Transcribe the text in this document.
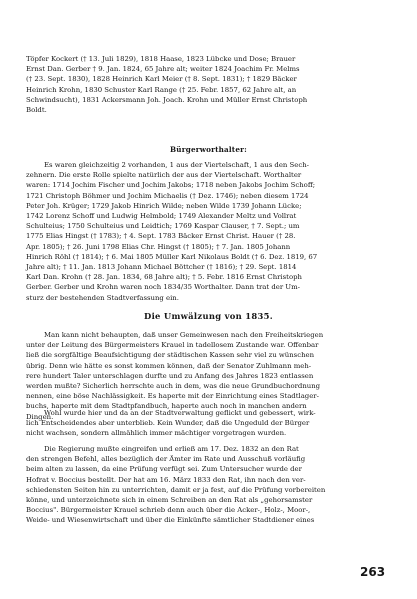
Töpfer Kockert († 13. Juli 1829), 1818 Haase, 1823 Lübcke und Dose; Brauer
Ernst Dan. Gerber † 9. Jan. 1824, 65 Jahre alt; weiter 1824 Joachim Fr. Melms
(† 23. Sept. 1830), 1828 Heinrich Karl Meier († 8. Sept. 1831); † 1829 Bäcker
Heinrich Krohn, 1830 Schuster Karl Range († 25. Febr. 1857, 62 Jahre alt, an
Schwindsucht), 1831 Ackersmann Joh. Joach. Krohn und Müller Ernst Christoph
Boldt.
Bürgerworthalter:
Es waren gleichzeitig 2 vorhanden, 1 aus der Viertelschaft, 1 aus den Sech-
zehnern. Die erste Rolle spielte natürlich der aus der Viertelschaft. Worthalter
waren: 1714 Jochim Fischer und Jochim Jakobs; 1718 neben Jakobs Jochim Schoff;
1721 Christoph Böhmer und Jochim Michaelis († Dez. 1746); neben diesem 1724
Peter Joh. Krüger; 1729 Jakob Hinrich Wilde; neben Wilde 1739 Johann Lücke;
1742 Lorenz Schoff und Ludwig Helmbold; 1749 Alexander Meltz und Vollrat
Schulteius; 1750 Schulteius und Leidtich; 1769 Kaspar Clauser, † 7. Sept.; um
1775 Elias Hingst († 1783); † 4. Sept. 1783 Bäcker Ernst Christ. Hauer († 28.
Apr. 1805); † 26. Juni 1798 Elias Chr. Hingst († 1805); † 7. Jan. 1805 Johann
Hinrich Röhl († 1814); † 6. Mai 1805 Müller Karl Nikolaus Boldt († 6. Dez. 1819, 67
Jahre alt); † 11. Jan. 1813 Johann Michael Böttcher († 1816); † 29. Sept. 1814
Karl Dan. Krohn († 28. Jan. 1834, 68 Jahre alt); † 5. Febr. 1816 Ernst Christoph
Gerber. Gerber und Krohn waren noch 1834/35 Worthalter. Dann trat der Um-
sturz der bestehenden Stadtverfassung ein.
Die Umwälzung von 1835.
Man kann nicht behaupten, daß unser Gemeinwesen nach den Freiheitskriegen
unter der Leitung des Bürgermeisters Krauel in tadellosem Zustande war. Offenbar
ließ die sorgfältige Beaufsichtigung der städtischen Kassen sehr viel zu wünschen
übrig. Denn wie hätte es sonst kommen können, daß der Senator Zuhlmann meh-
rere hundert Taler unterschlagen durfte und zu Anfang des Jahres 1823 entlassen
werden mußte? Sicherlich herrschte auch in dem, was die neue Grundbuchordnung
nennen, eine böse Nachlässigkeit. Es haperte mit der Einrichtung eines Stadtlager-
buchs, haperte mit dem Stadtpfandbuch, haperte auch noch in manchen andern
Dingen.
Wohl wurde hier und da an der Stadtverwaltung geflickt und gebessert, wirk-
lich Entscheidendes aber unterblieb. Kein Wunder, daß die Ungeduld der Bürger
nicht wachsen, sondern allmählich immer mächtiger vorgetragen wurden.
Die Regierung mußte eingreifen und erließ am 17. Dez. 1832 an den Rat
den strengen Befehl, alles bezüglich der Ämter im Rate und Ausschuß vorläufig
beim alten zu lassen, da eine Prüfung verfügt sei. Zum Untersucher wurde der
Hofrat v. Boccius bestellt. Der hat am 16. März 1833 den Rat, ihn nach den ver-
schiedensten Seiten hin zu unterrichten, damit er ja fest, auf die Prüfung vorbereiten
könne, und unterzeichnete sich in einem Schreiben an den Rat als „gehorsamster
Boccius". Bürgermeister Krauel schrieb denn auch über die Acker-, Holz-, Moor-,
Weide- und Wiesenwirtschaft und über die Einkünfte sämtlicher Stadtdiener eines
263
